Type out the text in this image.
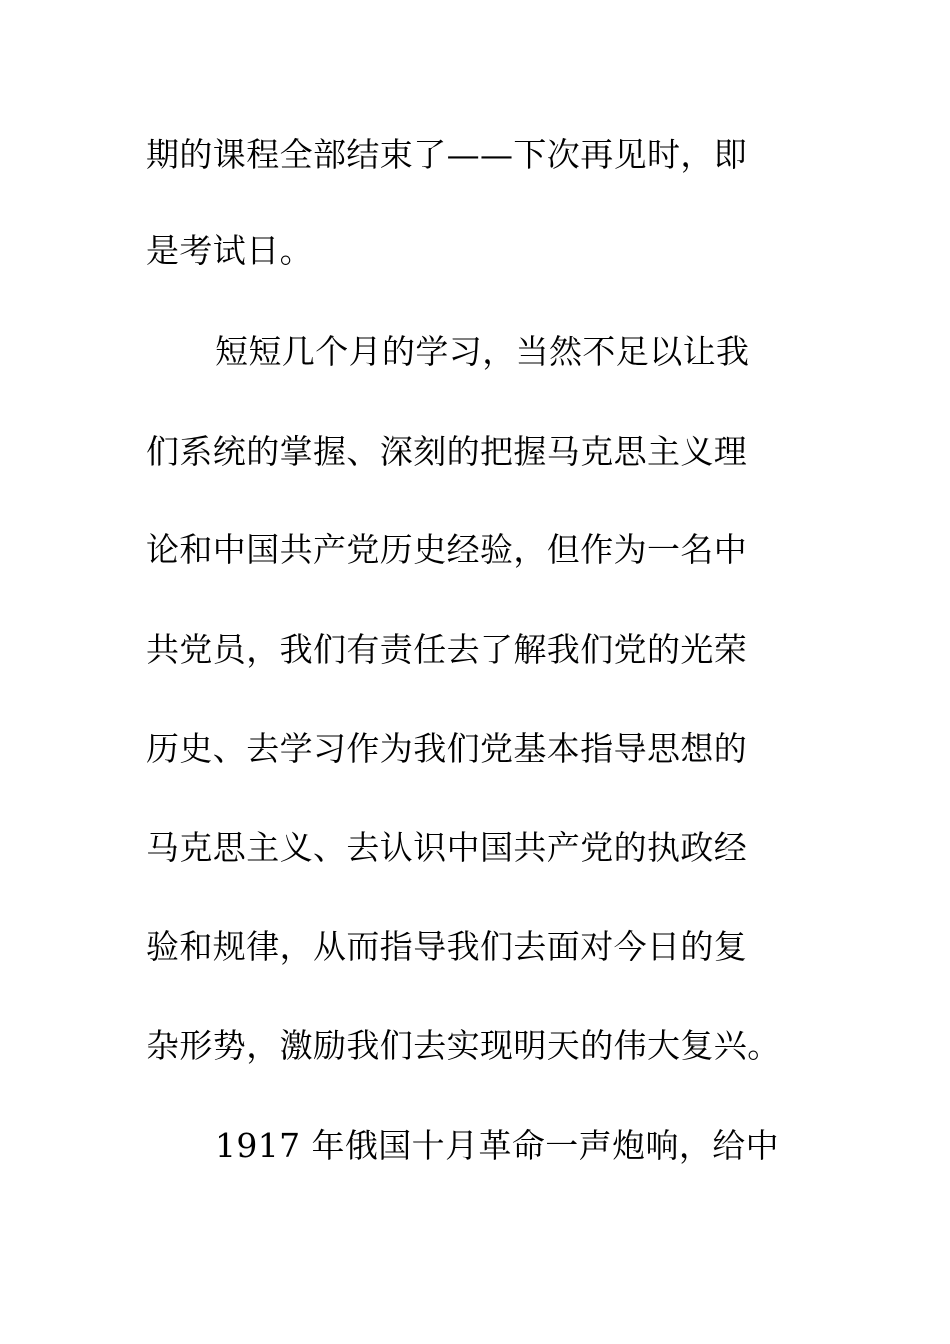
期的课程全部结束了——下次再见时，即
是考试日。
短短几个月的学习，当然不足以让我
们系统的掌握、深刻的把握马克思主义理
论和中国共产党历史经验，但作为一名中
共党员，我们有责任去了解我们党的光荣
历史、去学习作为我们党基本指导思想的
马克思主义、去认识中国共产党的执政经
验和规律，从而指导我们去面对今日的复
杂形势，激励我们去实现明天的伟大复兴。
1917 年俄国十月革命一声炮响，给中
